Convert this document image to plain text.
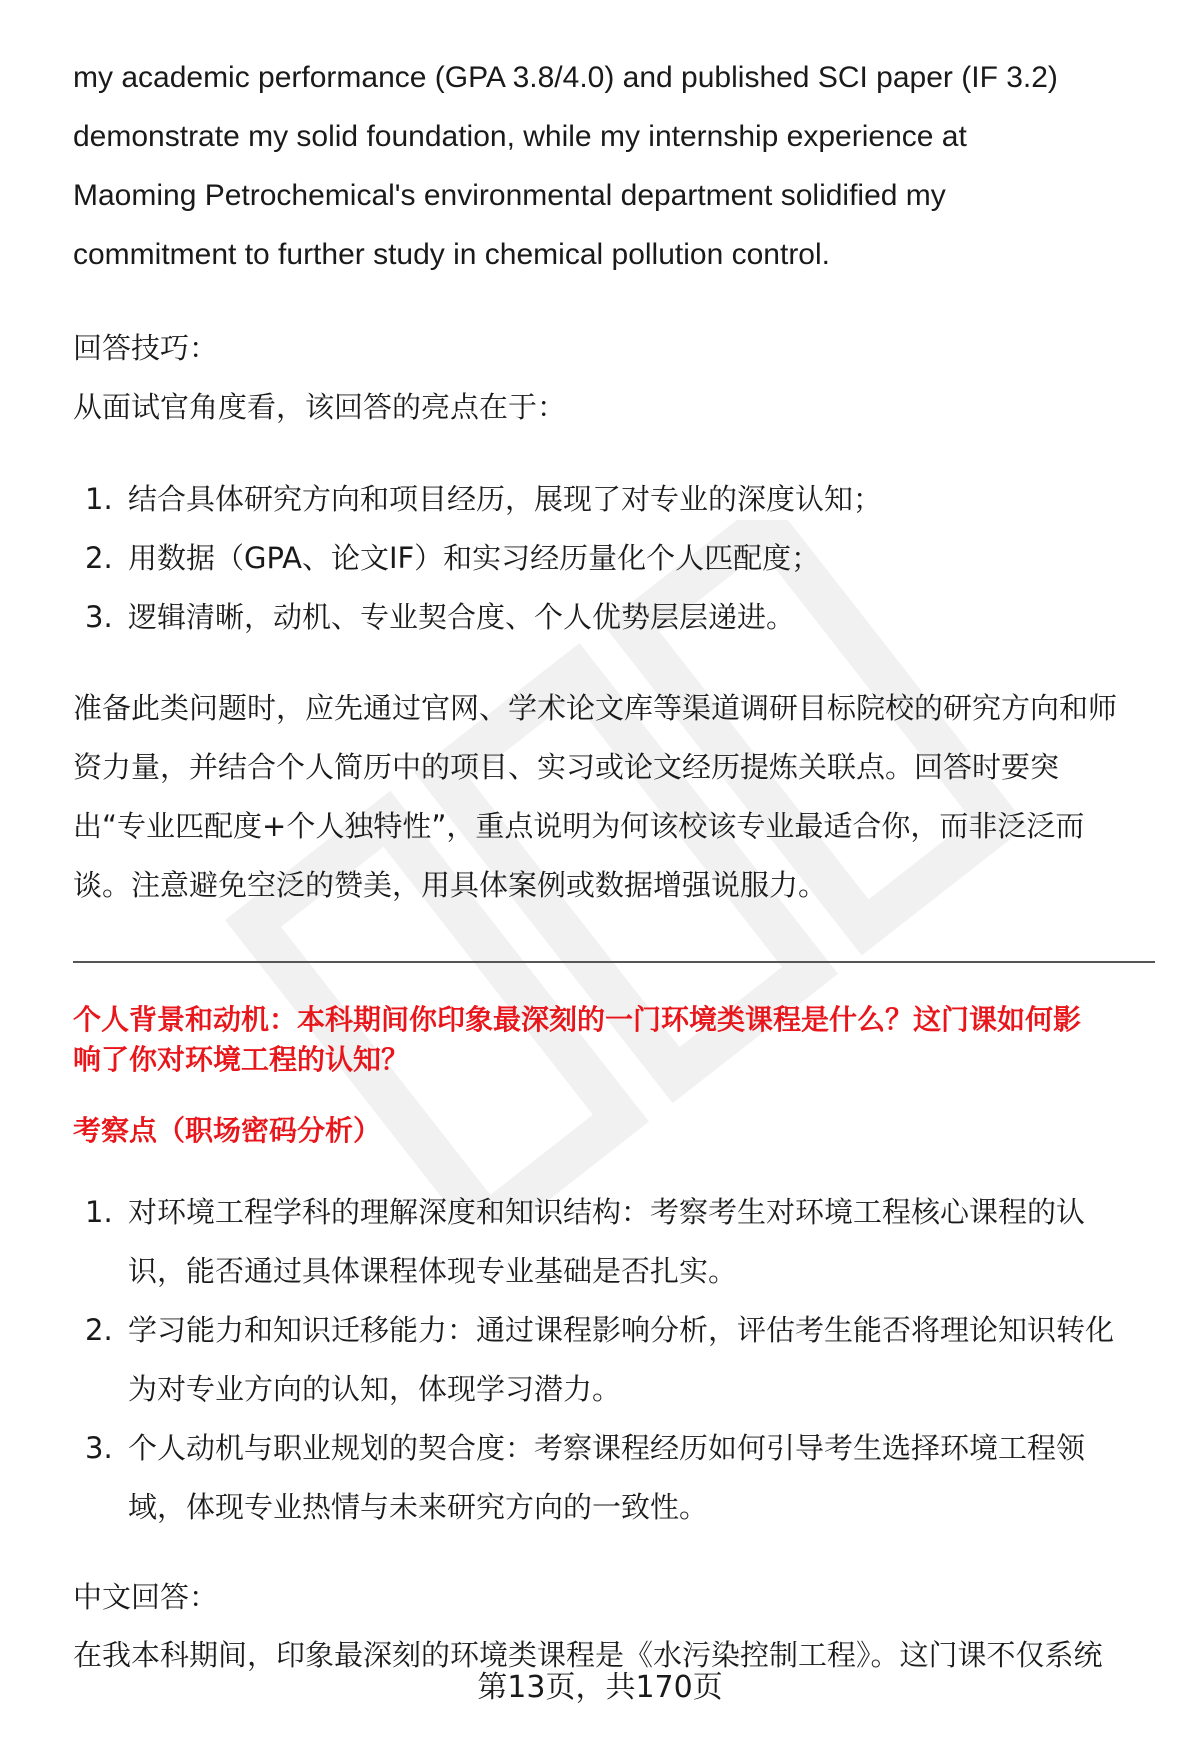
my academic performance (GPA 3.8/4.0) and published SCI paper (IF 3.2)
demonstrate my solid foundation, while my internship experience at
Maoming Petrochemical's environmental department solidified my
commitment to further study in chemical pollution control.
回答技巧：
从面试官角度看，该回答的亮点在于：
1. 结合具体研究方向和项目经历，展现了对专业的深度认知；
2. 用数据（GPA、论文IF）和实习经历量化个人匹配度；
3. 逻辑清晰，动机、专业契合度、个人优势层层递进。
准备此类问题时，应先通过官网、学术论文库等渠道调研目标院校的研究方向和师
资力量，并结合个人简历中的项目、实习或论文经历提炼关联点。回答时要突
出“专业匹配度+个人独特性”，重点说明为何该校该专业最适合你，而非泛泛而
谈。注意避免空泛的赞美，用具体案例或数据增强说服力。
个人背景和动机：本科期间你印象最深刻的一门环境类课程是什么？这门课如何影
响了你对环境工程的认知？
考察点（职场密码分析）
1. 对环境工程学科的理解深度和知识结构：考察考生对环境工程核心课程的认
识，能否通过具体课程体现专业基础是否扎实。
2. 学习能力和知识迁移能力：通过课程影响分析，评估考生能否将理论知识转化
为对专业方向的认知，体现学习潜力。
3. 个人动机与职业规划的契合度：考察课程经历如何引导考生选择环境工程领
域，体现专业热情与未来研究方向的一致性。
中文回答：
在我本科期间，印象最深刻的环境类课程是《水污染控制工程》。这门课不仅系统
第13页，共170页
